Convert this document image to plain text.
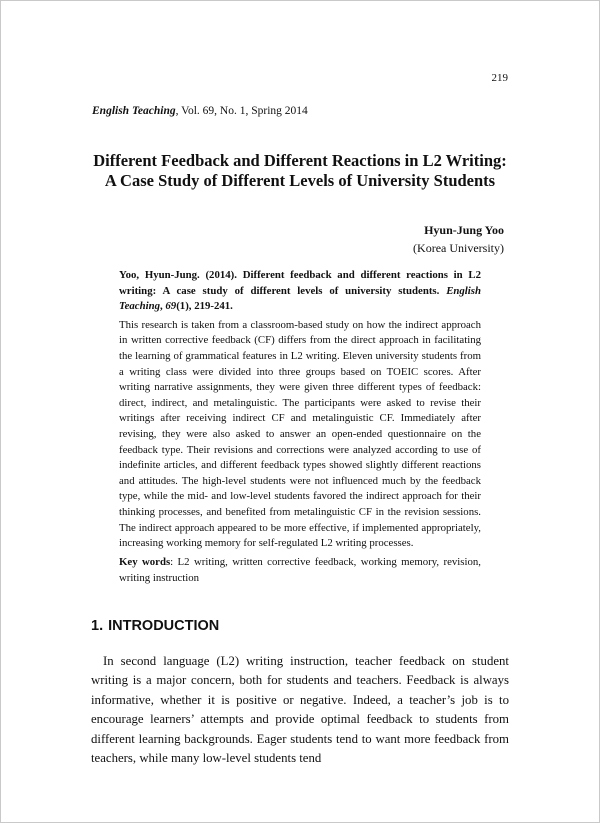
219
English Teaching, Vol. 69, No. 1, Spring 2014
Different Feedback and Different Reactions in L2 Writing:
A Case Study of Different Levels of University Students
Hyun-Jung Yoo
(Korea University)

Yoo, Hyun-Jung. (2014). Different feedback and different reactions in L2 writing: A case study of different levels of university students. English Teaching, 69(1), 219-241.

This research is taken from a classroom-based study on how the indirect approach in written corrective feedback (CF) differs from the direct approach in facilitating the learning of grammatical features in L2 writing. Eleven university students from a writing class were divided into three groups based on TOEIC scores. After writing narrative assignments, they were given three different types of feedback: direct, indirect, and metalinguistic. The participants were asked to revise their writings after receiving indirect CF and metalinguistic CF. Immediately after revising, they were also asked to answer an open-ended questionnaire on the feedback type. Their revisions and corrections were analyzed according to use of indefinite articles, and different feedback types showed slightly different reactions and attitudes. The high-level students were not influenced much by the feedback type, while the mid- and low-level students favored the indirect approach for their thinking processes, and benefited from metalinguistic CF in the revision sessions. The indirect approach appeared to be more effective, if implemented appropriately, increasing working memory for self-regulated L2 writing processes.

Key words: L2 writing, written corrective feedback, working memory, revision, writing instruction
1. INTRODUCTION

In second language (L2) writing instruction, teacher feedback on student writing is a major concern, both for students and teachers. Feedback is always informative, whether it is positive or negative. Indeed, a teacher’s job is to encourage learners’ attempts and provide optimal feedback to students from different learning backgrounds. Eager students tend to want more feedback from teachers, while many low-level students tend
